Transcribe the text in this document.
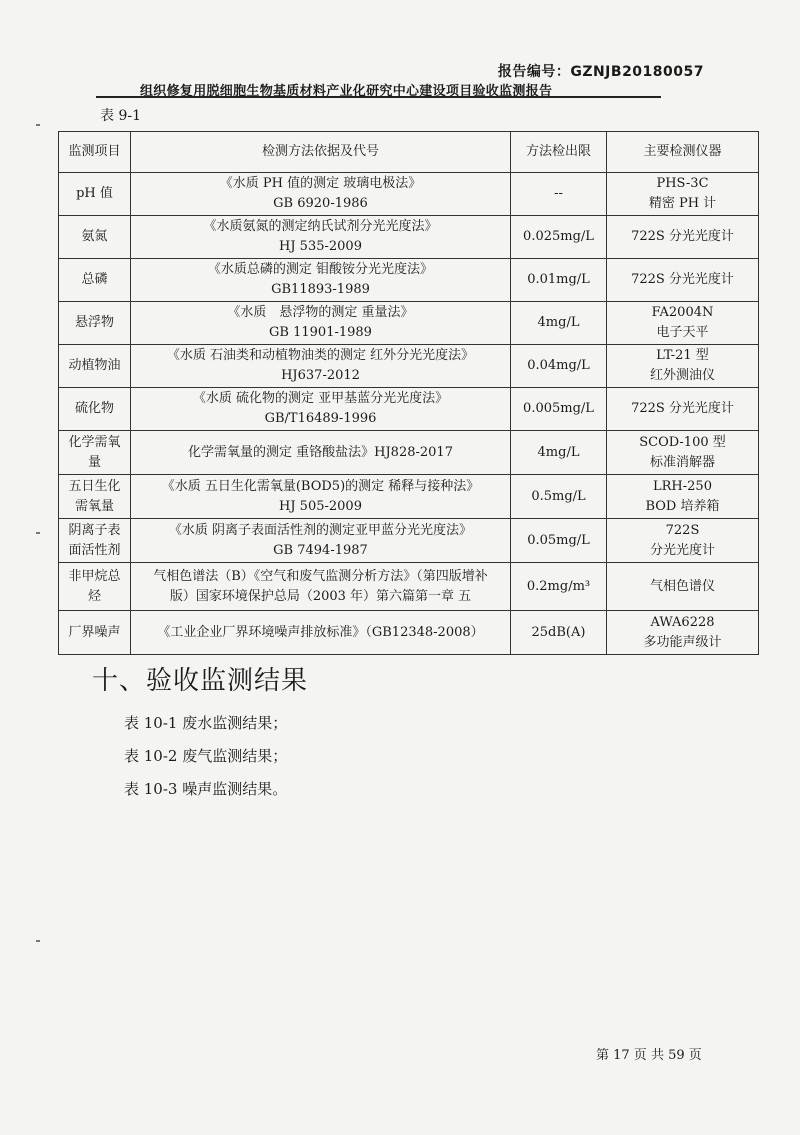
报告编号：GZNJB20180057
组织修复用脱细胞生物基质材料产业化研究中心建设项目验收监测报告
表 9-1
监测项目	检测方法依据及代号	方法检出限	主要检测仪器

pH 值	《水质 PH 值的测定 玻璃电极法》
GB 6920-1986	--	PHS-3C
精密 PH 计

氨氮	《水质氨氮的测定纳氏试剂分光光度法》
HJ 535-2009	0.025mg/L	722S 分光光度计

总磷	《水质总磷的测定 钼酸铵分光光度法》
GB11893-1989	0.01mg/L	722S 分光光度计

悬浮物	《水质　悬浮物的测定 重量法》
GB 11901-1989	4mg/L	FA2004N
电子天平

动植物油	《水质 石油类和动植物油类的测定 红外分光光度法》
HJ637-2012	0.04mg/L	LT-21 型
红外测油仪

硫化物	《水质 硫化物的测定 亚甲基蓝分光光度法》
GB/T16489-1996	0.005mg/L	722S 分光光度计

化学需氧
量	化学需氧量的测定 重铬酸盐法》HJ828-2017	4mg/L	SCOD-100 型
标准消解器

五日生化
需氧量	《水质 五日生化需氧量(BOD5)的测定 稀释与接种法》
HJ 505-2009	0.5mg/L	LRH-250
BOD 培养箱

阴离子表
面活性剂	《水质 阴离子表面活性剂的测定亚甲蓝分光光度法》
GB 7494-1987	0.05mg/L	722S
分光光度计

非甲烷总
烃	气相色谱法（B）《空气和废气监测分析方法》（第四版增补
版）国家环境保护总局（2003 年）第六篇第一章 五	0.2mg/m³	气相色谱仪

厂界噪声	《工业企业厂界环境噪声排放标准》（GB12348-2008）	25dB(A)	AWA6228
多功能声级计
十、验收监测结果
表 10-1 废水监测结果；
表 10-2 废气监测结果；
表 10-3 噪声监测结果。
第 17 页 共 59 页
